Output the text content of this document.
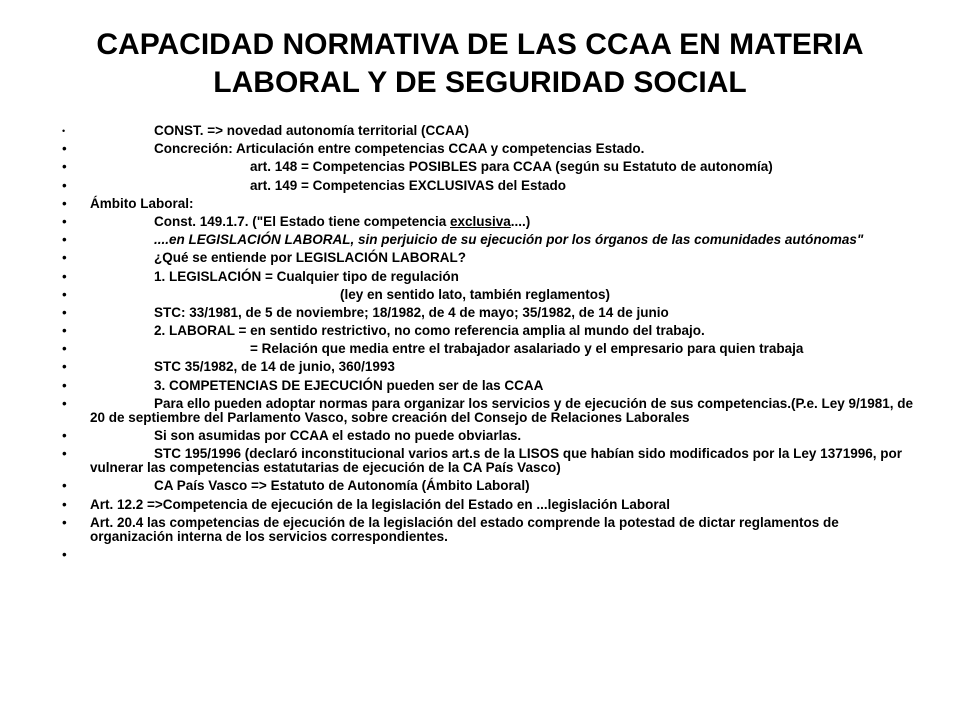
CAPACIDAD NORMATIVA DE LAS CCAA EN MATERIA
LABORAL Y DE SEGURIDAD SOCIAL
• CONST. => novedad autonomía territorial (CCAA)
• Concreción: Articulación entre competencias CCAA y competencias Estado.
• art. 148 = Competencias POSIBLES para CCAA (según su Estatuto de autonomía)
• art. 149 = Competencias EXCLUSIVAS del Estado
• Ámbito Laboral:
• Const. 149.1.7. ("El Estado tiene competencia exclusiva....)
• ....en LEGISLACIÓN LABORAL, sin perjuicio de su ejecución por los órganos de las comunidades autónomas"
• ¿Qué se entiende por LEGISLACIÓN LABORAL?
• 1. LEGISLACIÓN = Cualquier tipo de regulación
• (ley en sentido lato, también reglamentos)
• STC: 33/1981, de 5 de noviembre; 18/1982, de 4 de mayo; 35/1982, de 14 de junio
• 2. LABORAL = en sentido restrictivo, no como referencia amplia al mundo del trabajo.
• = Relación que media entre el trabajador asalariado y el empresario para quien trabaja
• STC 35/1982, de 14 de junio, 360/1993
• 3. COMPETENCIAS DE EJECUCIÓN pueden ser de las CCAA
• Para ello pueden adoptar normas para organizar los servicios y de ejecución de sus competencias.(P.e. Ley 9/1981, de 20 de septiembre del Parlamento Vasco, sobre creación del Consejo de Relaciones Laborales
• Si son asumidas por CCAA el estado no puede obviarlas.
• STC 195/1996 (declaró inconstitucional varios art.s de la LISOS que habían sido modificados por la Ley 1371996, por vulnerar las competencias estatutarias de ejecución de la CA País Vasco)
• CA País Vasco => Estatuto de Autonomía (Ámbito Laboral)
• Art. 12.2 =>Competencia de ejecución de la legislación del Estado en ...legislación Laboral
• Art. 20.4 las competencias de ejecución de la legislación del estado comprende la potestad de dictar reglamentos de organización interna de los servicios correspondientes.
•
